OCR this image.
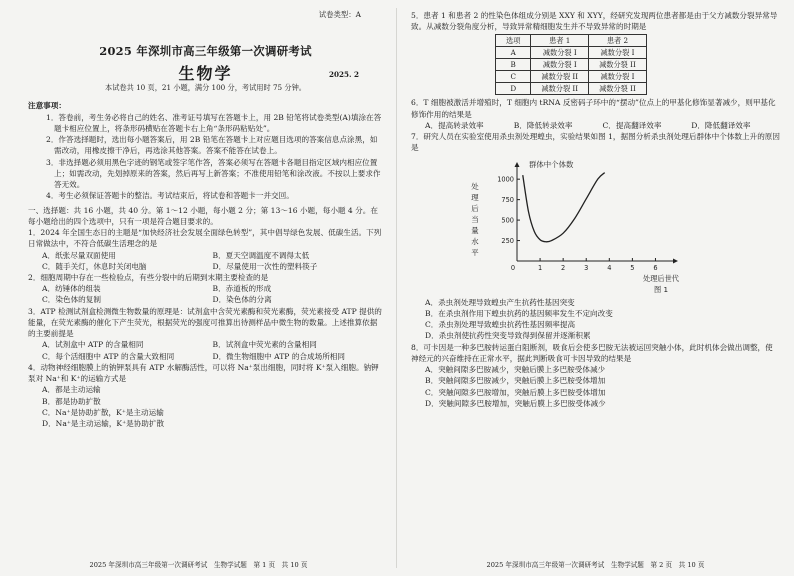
试卷类型：A
2025 年深圳市高三年级第一次调研考试
生物学	2025. 2
本试卷共 10 页，21 小题，满分 100 分，考试用时 75 分钟。
注意事项：
1．答卷前，考生务必将自己的姓名、准考证号填写在答题卡上，用 2B 铅笔将试卷类型(A)填涂在答题卡相应位置上，将条形码横贴在答题卡右上角“条形码粘贴处”。
2．作答选择题时，选出每小题答案后，用 2B 铅笔在答题卡上对应题目选项的答案信息点涂黑，如需改动，用橡皮擦干净后，再选涂其他答案。答案不能答在试卷上。
3．非选择题必须用黑色字迹的钢笔或签字笔作答，答案必须写在答题卡各题目指定区域内相应位置上；如需改动，先划掉原来的答案，然后再写上新答案；不准使用铅笔和涂改液。不按以上要求作答无效。
4．考生必须保证答题卡的整洁。考试结束后，将试卷和答题卡一并交回。
一、选择题：共 16 小题，共 40 分。第 1～12 小题，每小题 2 分；第 13～16 小题，每小题 4 分。在每小题给出的四个选项中，只有一项是符合题目要求的。
1．2024 年全国生态日的主题是“加快经济社会发展全面绿色转型”，其中倡导绿色发展、低碳生活。下列日常做法中，不符合低碳生活理念的是
A．纸张尽量双面使用	B．夏天空调温度不调得太低
C．随手关灯，休息时关闭电脑	D．尽量使用一次性的塑料筷子
2．细胞周期中存在一些检验点，有些分裂中的后期到末期主要检查的是
A．纺锤体的组装	B．赤道板的形成
C．染色体的复制	D．染色体的分离
3．ATP 检测试剂盒检测微生物数量的原理是：试剂盒中含荧光素酶和荧光素酶，荧光素接受 ATP 提供的能量，在荧光素酶的催化下产生荧光，根据荧光的强度可推算出待测样品中微生物的数量。上述推算依据的主要前提是
A．试剂盒中 ATP 的含量相同	B．试剂盒中荧光素的含量相同
C．每个活细胞中 ATP 的含量大致相同	D．微生物细胞中 ATP 的合成场所相同
4．动物神经细胞膜上的钠钾泵具有 ATP 水解酶活性，可以将 Na⁺泵出细胞，同时将 K⁺泵入细胞。钠钾泵对 Na⁺和 K⁺的运输方式是
A．都是主动运输
B．都是协助扩散
C．Na⁺是协助扩散，K⁺是主动运输
D．Na⁺是主动运输，K⁺是协助扩散
2025 年深圳市高三年级第一次调研考试　生物学试题　第 1 页　共 10 页
5．患者 1 和患者 2 的性染色体组成分别是 XXY 和 XYY，经研究发现两位患者都是由于父方减数分裂异常导致。从减数分裂角度分析，导致异常精细胞发生并不导致异常的时期是
选项	患者 1	患者 2
A	减数分裂 I	减数分裂 I
B	减数分裂 I	减数分裂 II
C	减数分裂 II	减数分裂 I
D	减数分裂 II	减数分裂 II
6．T 细胞被激活并增殖时，T 细胞内 tRNA 反密码子环中的“摆动”位点上的甲基化修饰显著减少，则甲基化修饰作用的结果是
A．提高转录效率	B．降低转录效率	C．提高翻译效率	D．降低翻译效率
7．研究人员在实验室使用杀虫剂处理蝗虫，实验结果如图 1，据图分析杀虫剂处理后群体中个体数上升的原因是
处理后当量水平
群体中个体数
250
500
750
1000
0	1	2	3	4	5	6
处理后世代
图 1
A．杀虫剂处理导致蝗虫产生抗药性基因突变
B．在杀虫剂作用下蝗虫抗药的基因频率发生不定向改变
C．杀虫剂处理导致蝗虫抗药性基因频率提高
D．杀虫剂使抗药性突变导致得到保留并逐渐积累
8．可卡因是一种多巴胺转运蛋白阻断剂，吸食后会使多巴胺无法被运回突触小体，此时机体会做出调整，使神经元的兴奋维持在正常水平，据此判断吸食可卡因导致的结果是
A．突触间隙多巴胺减少，突触后膜上多巴胺受体减少
B．突触间隙多巴胺减少，突触后膜上多巴胺受体增加
C．突触间隙多巴胺增加，突触后膜上多巴胺受体增加
D．突触间隙多巴胺增加，突触后膜上多巴胺受体减少
2025 年深圳市高三年级第一次调研考试　生物学试题　第 2 页　共 10 页
